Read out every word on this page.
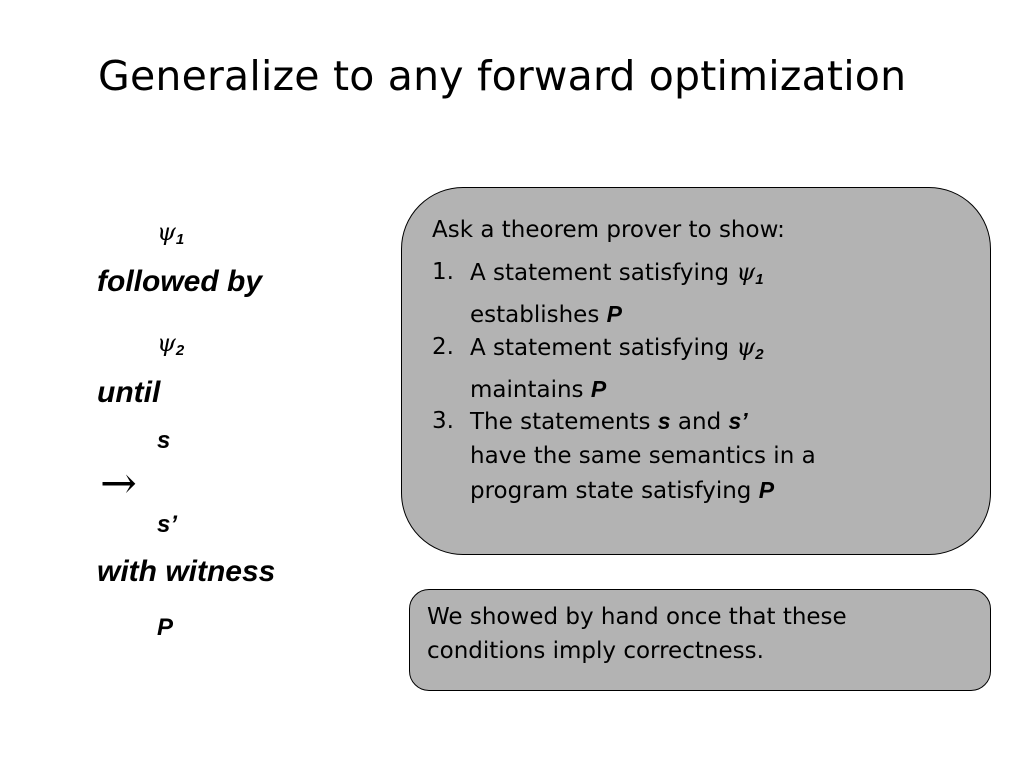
Generalize to any forward optimization
$\psi_1$
followed by
$\psi_2$
until
s
→
s’
with witness
P
Ask a theorem prover to show:
1. A statement satisfying $\psi_1$
establishes P
2. A statement satisfying $\psi_2$
maintains P
3. The statements s and s’
have the same semantics in a
program state satisfying P
We showed by hand once that these
conditions imply correctness.
